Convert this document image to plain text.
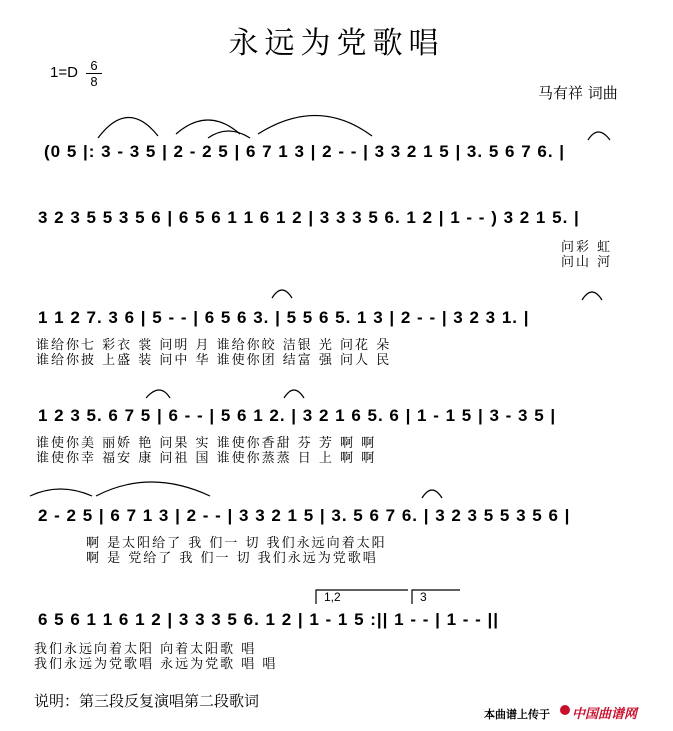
永远为党歌唱
$1=D \frac{6}{8}$
马有祥 词曲
(0 5 |: 3 - 3 5 | 2 - 2 5 | 6 7 1 3 | 2 - - | 3 3 2 1 5 | 3. 5 6 7 6. |
3 2 3 5 5 3 5 6 | 6 5 6 1 1 6 1 2 | 3 3 3 5 6. 1 2 | 1 - - ) 3 2 1 5. |
问彩 虹
问山 河
1 1 2 7. 3 6 | 5 - - | 6 5 6 3. | 5 5 6 5. 1 3 | 2 - - | 3 2 3 1. |
谁给你七 彩衣 裳 问明 月 谁给你皎 洁银 光 问花 朵
谁给你披 上盛 装 问中 华 谁使你团 结富 强 问人 民
1 2 3 5. 6 7 5 | 6 - - | 5 6 1 2. | 3 2 1 6 5. 6 | 1 - 1 5 | 3 - 3 5 |
谁使你美 丽娇 艳 问果 实 谁使你香甜 芬 芳 啊 啊
谁使你幸 福安 康 问祖 国 谁使你蒸蒸 日 上 啊 啊
2 - 2 5 | 6 7 1 3 | 2 - - | 3 3 2 1 5 | 3. 5 6 7 6. | 3 2 3 5 5 3 5 6 |
啊 是太阳给了 我 们一 切 我们永远向着太阳
啊 是 党给了 我 们一 切 我们永远为党歌唱
6 5 6 1 1 6 1 2 | 3 3 3 5 6. 1 2 | 1 - 1 5 :|| 1 - - | 1 - - ||
我们永远向着太阳 向着太阳歌 唱
我们永远为党歌唱 永远为党歌 唱 唱
1,2	3
说明：第三段反复演唱第二段歌词
本曲谱上传于 中国曲谱网
